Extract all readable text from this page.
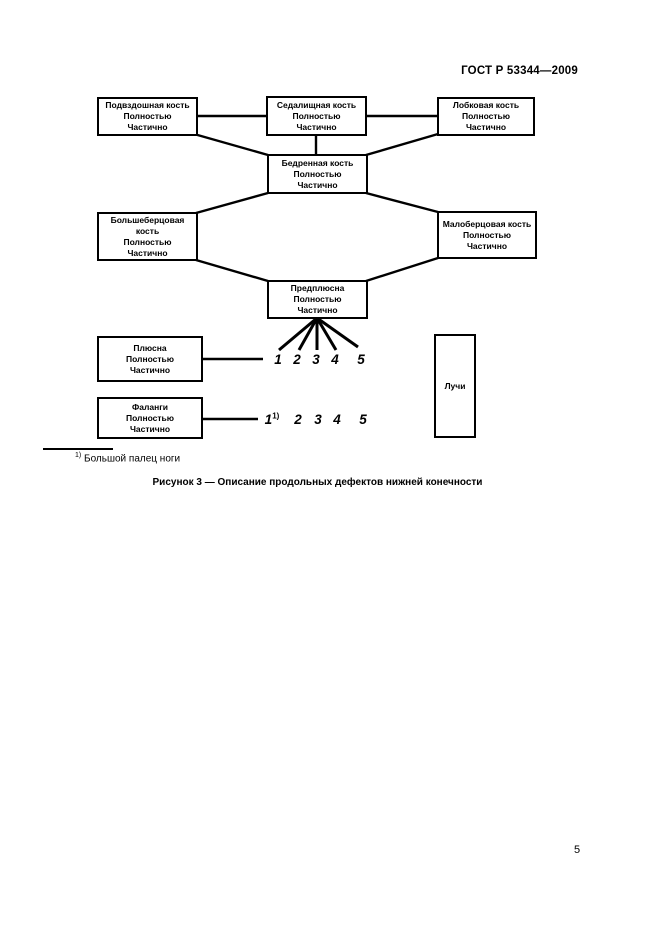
ГОСТ Р 53344—2009
Подвздошная кость
Полностью
Частично
Седалищная кость
Полностью
Частично
Лобковая кость
Полностью
Частично
Бедренная кость
Полностью
Частично
Большеберцовая кость
Полностью
Частично
Малоберцовая кость
Полностью
Частично
Предплюсна
Полностью
Частично
Плюсна
Полностью
Частично
Фаланги
Полностью
Частично
Лучи
1 2 3 4 5
1$^{1)}$ 2 3 4 5
$^{1)}$ Большой палец ноги
Рисунок 3 — Описание продольных дефектов нижней конечности
5
